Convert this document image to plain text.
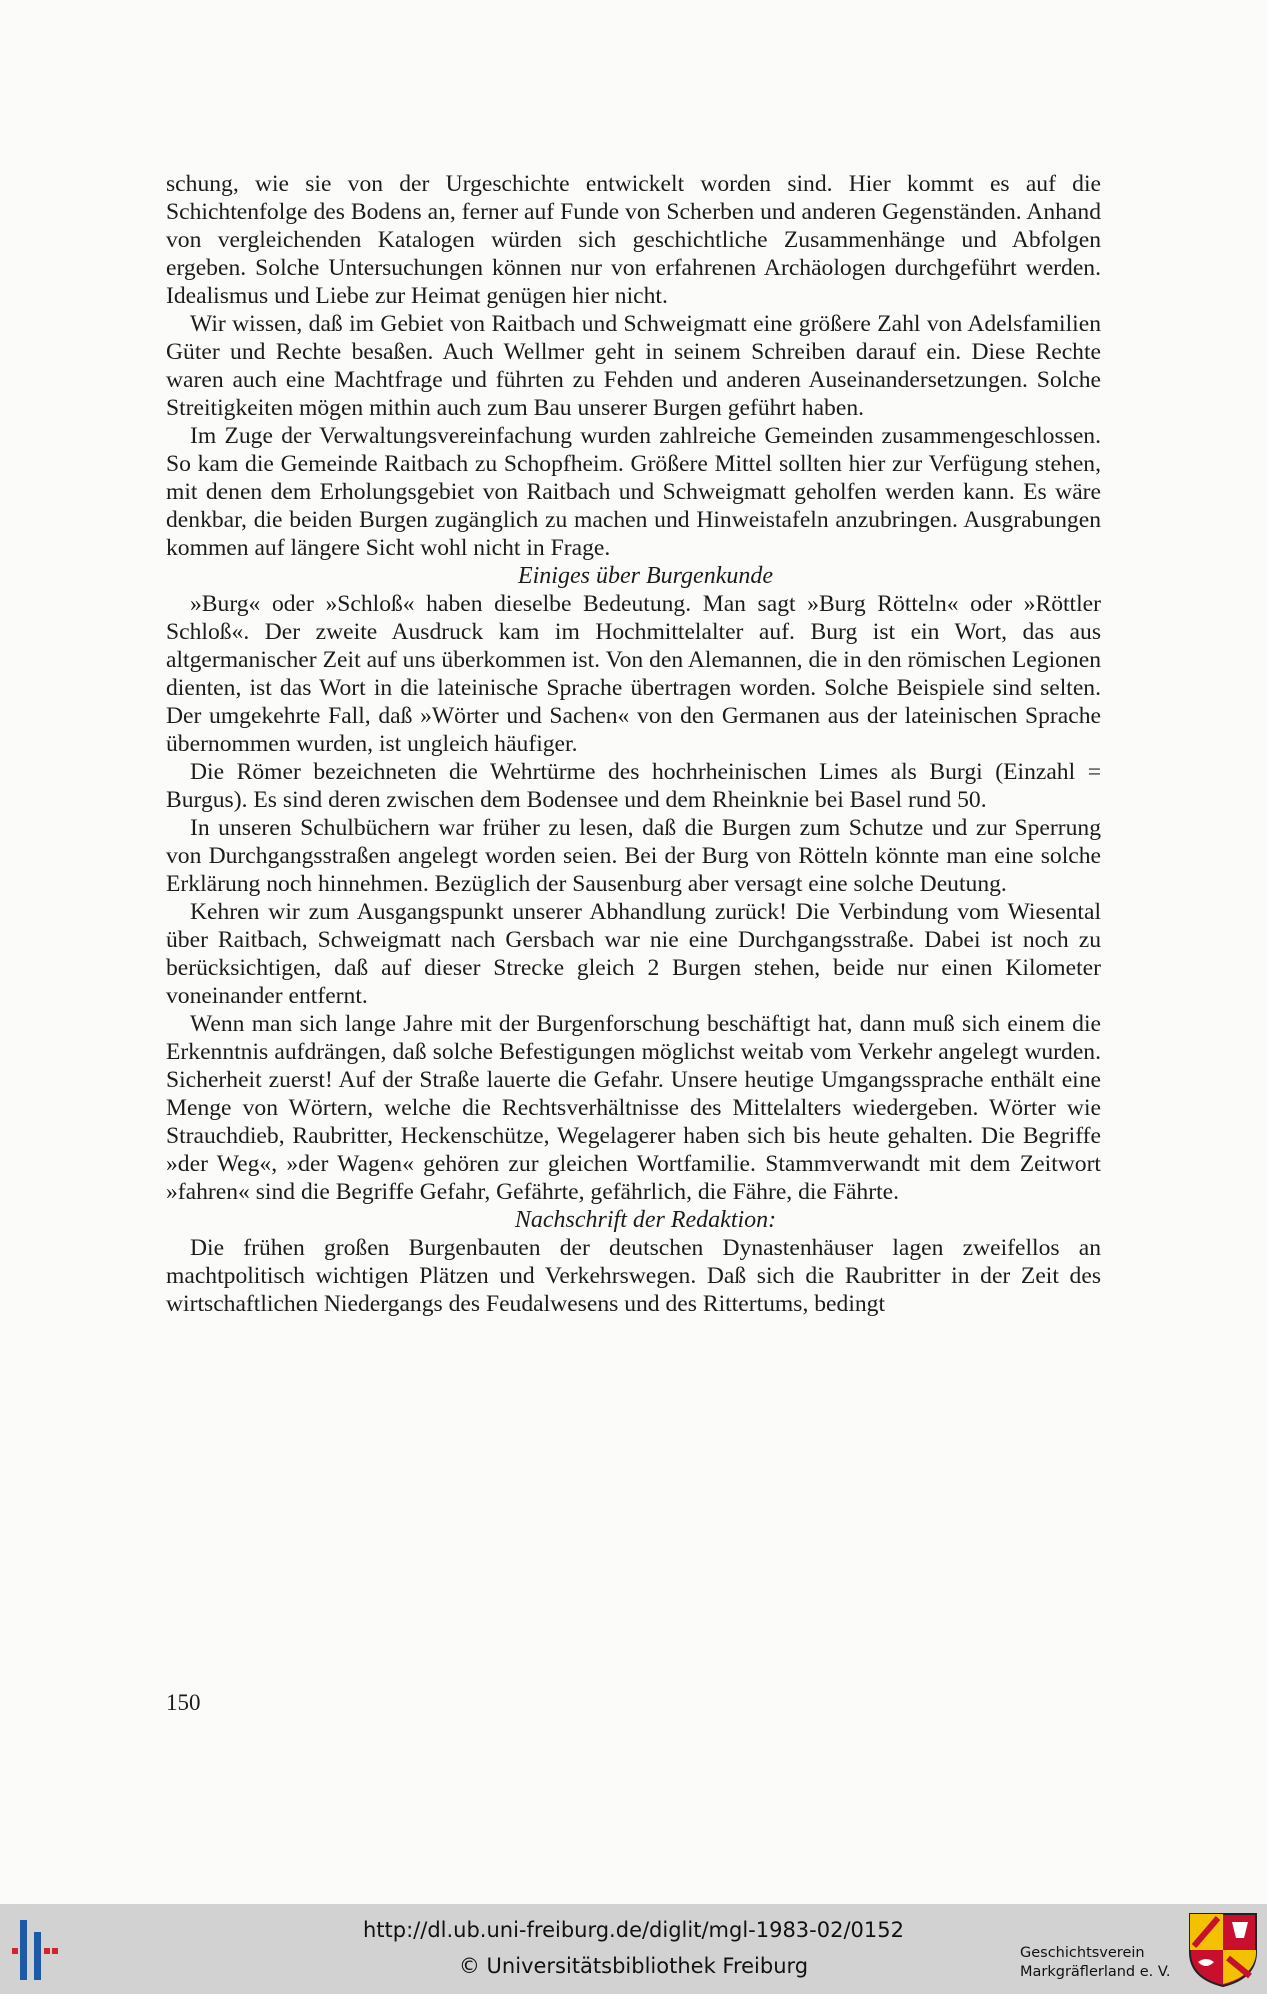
schung, wie sie von der Urgeschichte entwickelt worden sind. Hier kommt es auf die Schichtenfolge des Bodens an, ferner auf Funde von Scherben und anderen Gegenständen. Anhand von vergleichenden Katalogen würden sich geschichtliche Zusammenhänge und Abfolgen ergeben. Solche Untersuchungen können nur von erfahrenen Archäologen durchgeführt werden. Idealismus und Liebe zur Heimat genügen hier nicht.

Wir wissen, daß im Gebiet von Raitbach und Schweigmatt eine größere Zahl von Adelsfamilien Güter und Rechte besaßen. Auch Wellmer geht in seinem Schreiben darauf ein. Diese Rechte waren auch eine Machtfrage und führten zu Fehden und anderen Auseinandersetzungen. Solche Streitigkeiten mögen mithin auch zum Bau unserer Burgen geführt haben.

Im Zuge der Verwaltungsvereinfachung wurden zahlreiche Gemeinden zusammengeschlossen. So kam die Gemeinde Raitbach zu Schopfheim. Größere Mittel sollten hier zur Verfügung stehen, mit denen dem Erholungsgebiet von Raitbach und Schweigmatt geholfen werden kann. Es wäre denkbar, die beiden Burgen zugänglich zu machen und Hinweistafeln anzubringen. Ausgrabungen kommen auf längere Sicht wohl nicht in Frage.

Einiges über Burgenkunde

»Burg« oder »Schloß« haben dieselbe Bedeutung. Man sagt »Burg Rötteln« oder »Röttler Schloß«. Der zweite Ausdruck kam im Hochmittelalter auf. Burg ist ein Wort, das aus altgermanischer Zeit auf uns überkommen ist. Von den Alemannen, die in den römischen Legionen dienten, ist das Wort in die lateinische Sprache übertragen worden. Solche Beispiele sind selten. Der umgekehrte Fall, daß »Wörter und Sachen« von den Germanen aus der lateinischen Sprache übernommen wurden, ist ungleich häufiger.

Die Römer bezeichneten die Wehrtürme des hochrheinischen Limes als Burgi (Einzahl = Burgus). Es sind deren zwischen dem Bodensee und dem Rheinknie bei Basel rund 50.

In unseren Schulbüchern war früher zu lesen, daß die Burgen zum Schutze und zur Sperrung von Durchgangsstraßen angelegt worden seien. Bei der Burg von Rötteln könnte man eine solche Erklärung noch hinnehmen. Bezüglich der Sausenburg aber versagt eine solche Deutung.

Kehren wir zum Ausgangspunkt unserer Abhandlung zurück! Die Verbindung vom Wiesental über Raitbach, Schweigmatt nach Gersbach war nie eine Durchgangsstraße. Dabei ist noch zu berücksichtigen, daß auf dieser Strecke gleich 2 Burgen stehen, beide nur einen Kilometer voneinander entfernt.

Wenn man sich lange Jahre mit der Burgenforschung beschäftigt hat, dann muß sich einem die Erkenntnis aufdrängen, daß solche Befestigungen möglichst weitab vom Verkehr angelegt wurden. Sicherheit zuerst! Auf der Straße lauerte die Gefahr. Unsere heutige Umgangssprache enthält eine Menge von Wörtern, welche die Rechtsverhältnisse des Mittelalters wiedergeben. Wörter wie Strauchdieb, Raubritter, Heckenschütze, Wegelagerer haben sich bis heute gehalten. Die Begriffe »der Weg«, »der Wagen« gehören zur gleichen Wortfamilie. Stammverwandt mit dem Zeitwort »fahren« sind die Begriffe Gefahr, Gefährte, gefährlich, die Fähre, die Fährte.

Nachschrift der Redaktion:

Die frühen großen Burgenbauten der deutschen Dynastenhäuser lagen zweifellos an machtpolitisch wichtigen Plätzen und Verkehrswegen. Daß sich die Raubritter in der Zeit des wirtschaftlichen Niedergangs des Feudalwesens und des Rittertums, bedingt

150
http://dl.ub.uni-freiburg.de/diglit/mgl-1983-02/0152
© Universitätsbibliothek Freiburg
Geschichtsverein
Markgräflerland e. V.
